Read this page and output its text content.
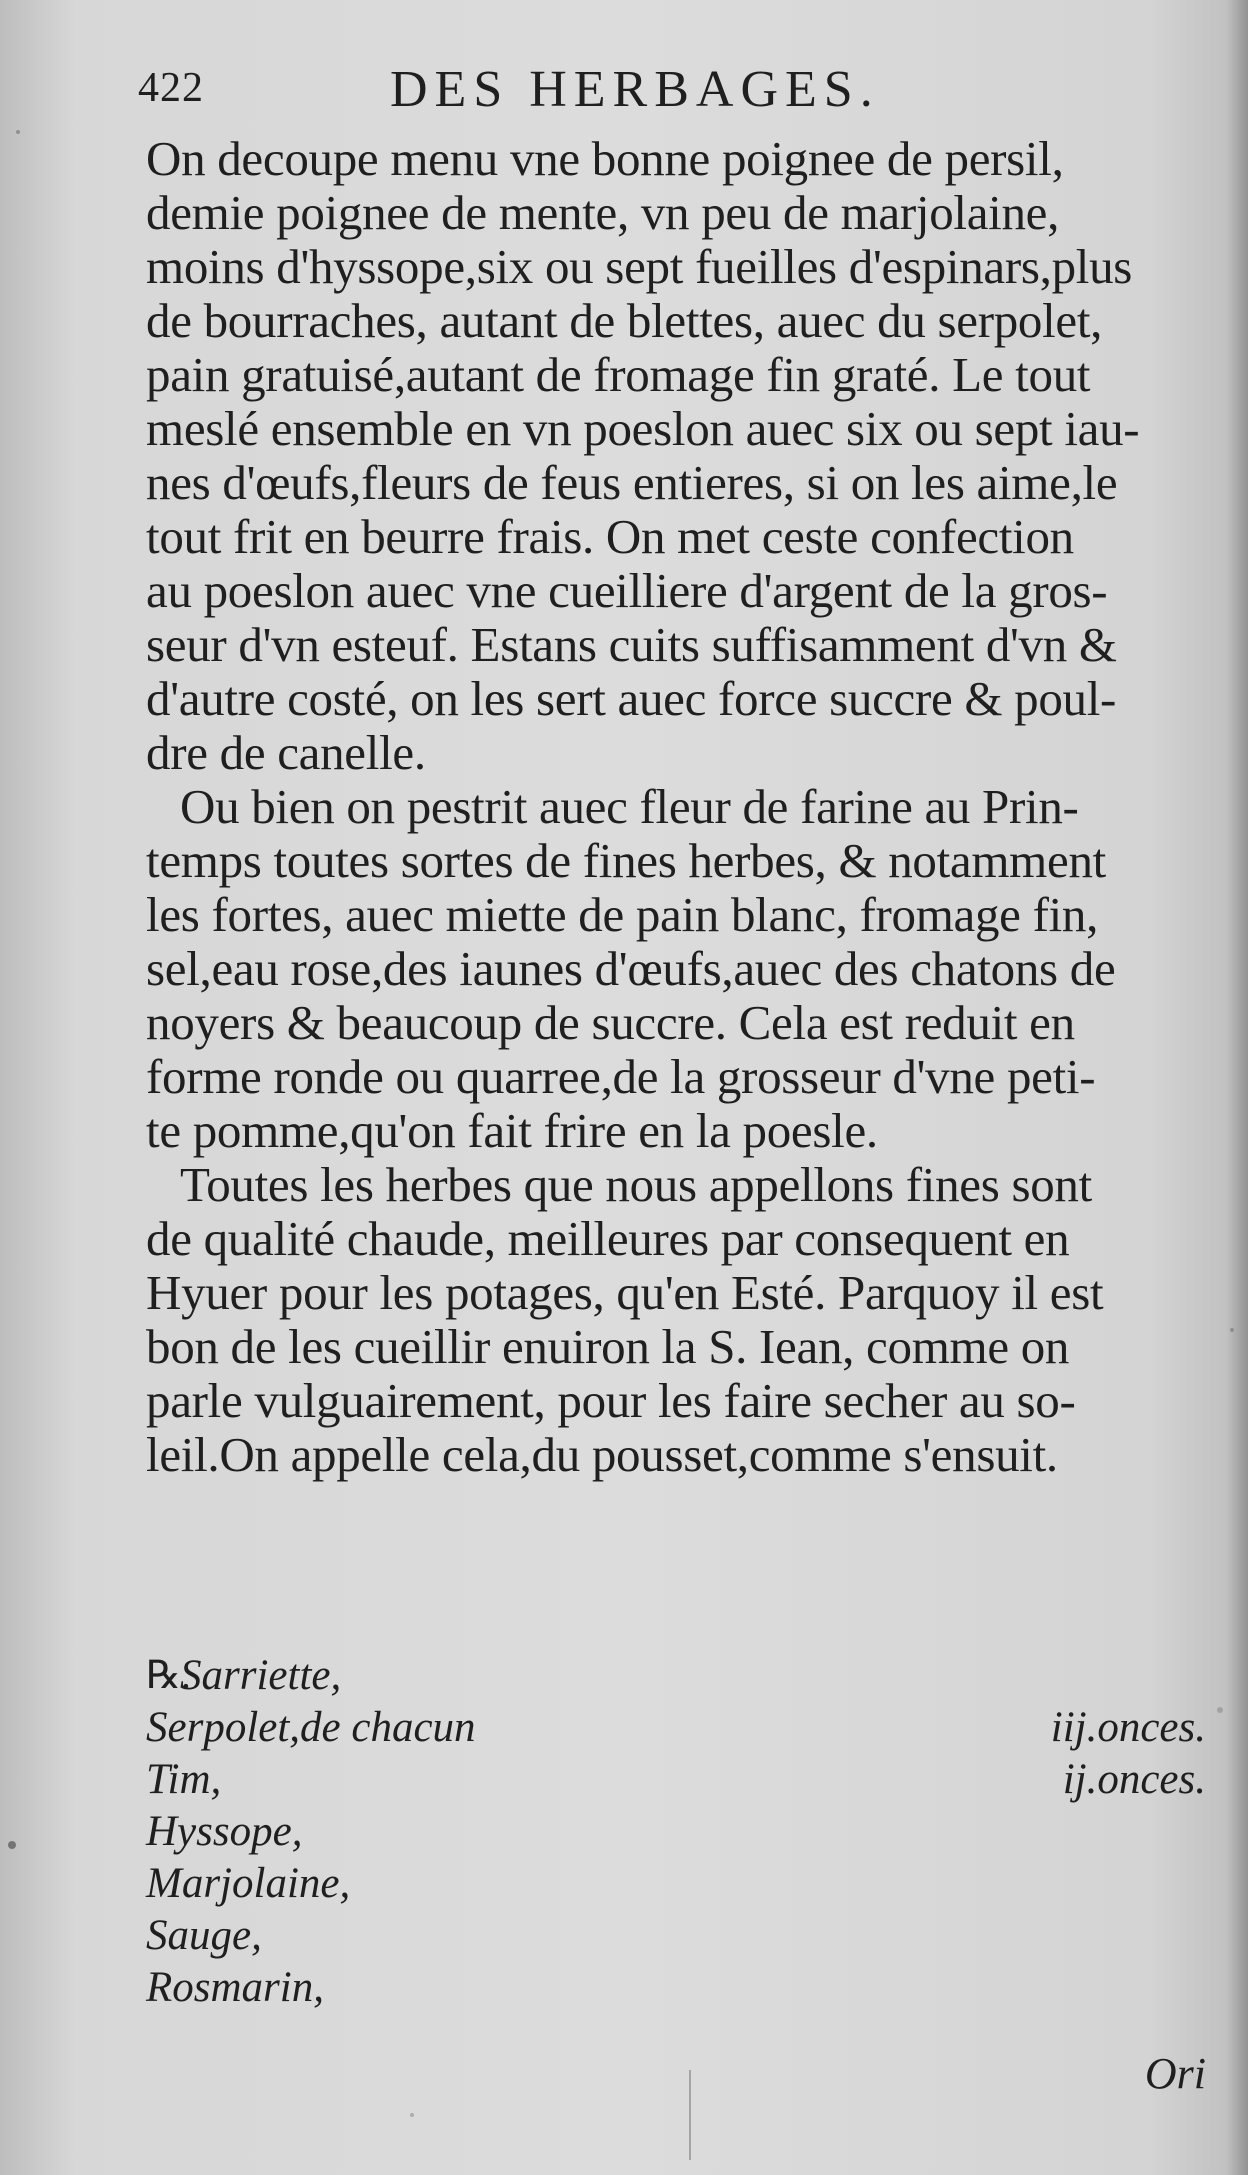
422	DES HERBAGES.
On decoupe menu vne bonne poignee de persil,
demie poignee de mente, vn peu de marjolaine,
moins d'hyssope,six ou sept fueilles d'espinars,plus
de bourraches, autant de blettes, auec du serpolet,
pain gratuisé,autant de fromage fin graté. Le tout
meslé ensemble en vn poeslon auec six ou sept iau-
nes d'œufs,fleurs de feus entieres, si on les aime,le
tout frit en beurre frais. On met ceste confection
au poeslon auec vne cueilliere d'argent de la gros-
seur d'vn esteuf. Estans cuits suffisamment d'vn &
d'autre costé, on les sert auec force succre & poul-
dre de canelle.
Ou bien on pestrit auec fleur de farine au Prin-
temps toutes sortes de fines herbes, & notamment
les fortes, auec miette de pain blanc, fromage fin,
sel,eau rose,des iaunes d'œufs,auec des chatons de
noyers & beaucoup de succre. Cela est reduit en
forme ronde ou quarree,de la grosseur d'vne peti-
te pomme,qu'on fait frire en la poesle.
Toutes les herbes que nous appellons fines sont
de qualité chaude, meilleures par consequent en
Hyuer pour les potages, qu'en Esté. Parquoy il est
bon de les cueillir enuiron la S. Iean, comme on
parle vulguairement, pour les faire secher au so-
leil.On appelle cela,du pousset,comme s'ensuit.
℞.
Sarriette,
Serpolet,de chacun	iij.onces.
Tim,	ij.onces.
Hyssope,
Marjolaine,
Sauge,
Rosmarin,
Ori
